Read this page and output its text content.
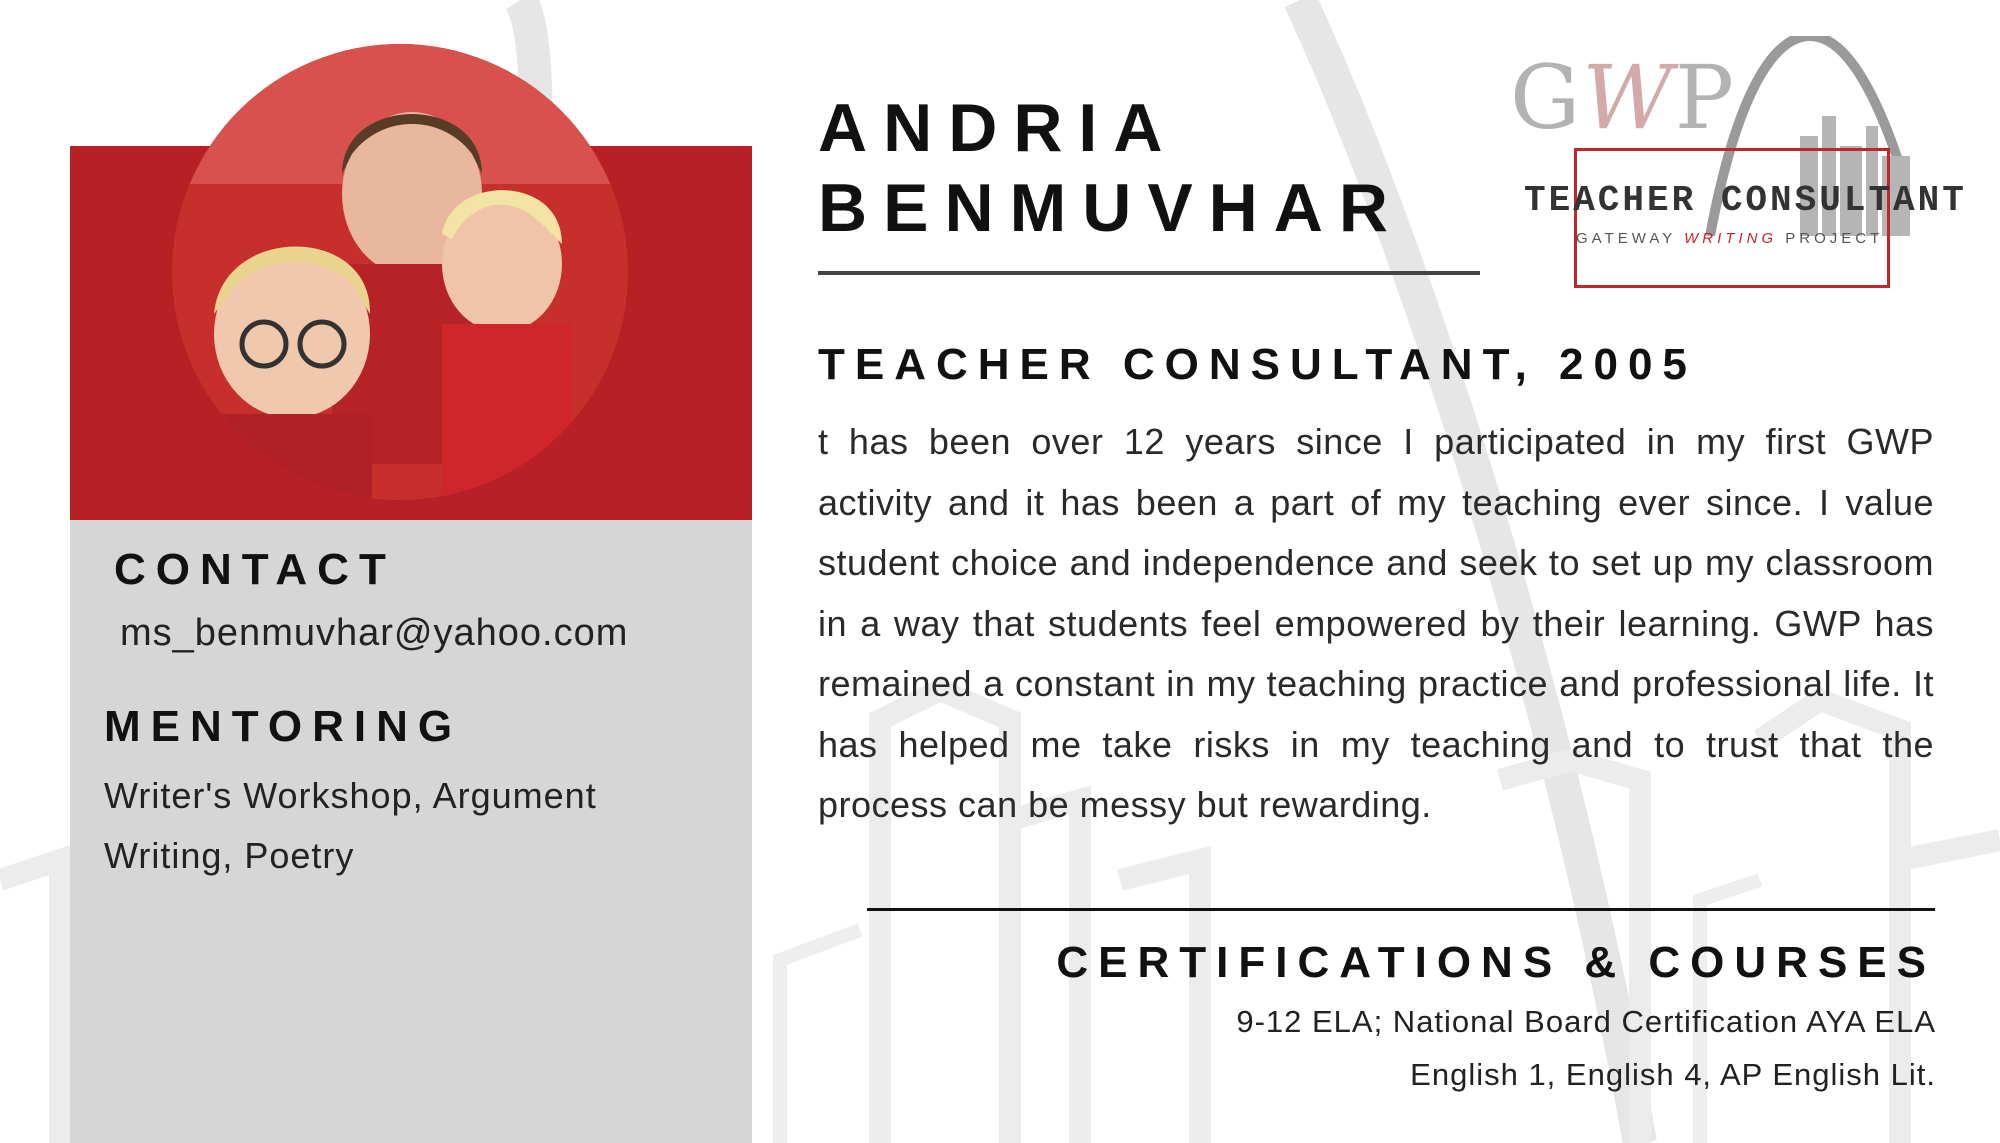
CONTACT
ms_benmuvhar@yahoo.com
MENTORING
Writer's Workshop, Argument Writing, Poetry
ANDRIA
BENMUVHAR
TEACHER CONSULTANT, 2005
t has been over 12 years since I participated in my first GWP activity and it has been a part of my teaching ever since. I value student choice and independence and seek to set up my classroom in a way that students feel empowered by their learning. GWP has remained a constant in my teaching practice and professional life. It has helped me take risks in my teaching and to trust that the process can be messy but rewarding.
CERTIFICATIONS & COURSES
9-12 ELA; National Board Certification AYA ELA
English 1, English 4, AP English Lit.
GWP
TEACHER CONSULTANT
GATEWAY WRITING PROJECT
